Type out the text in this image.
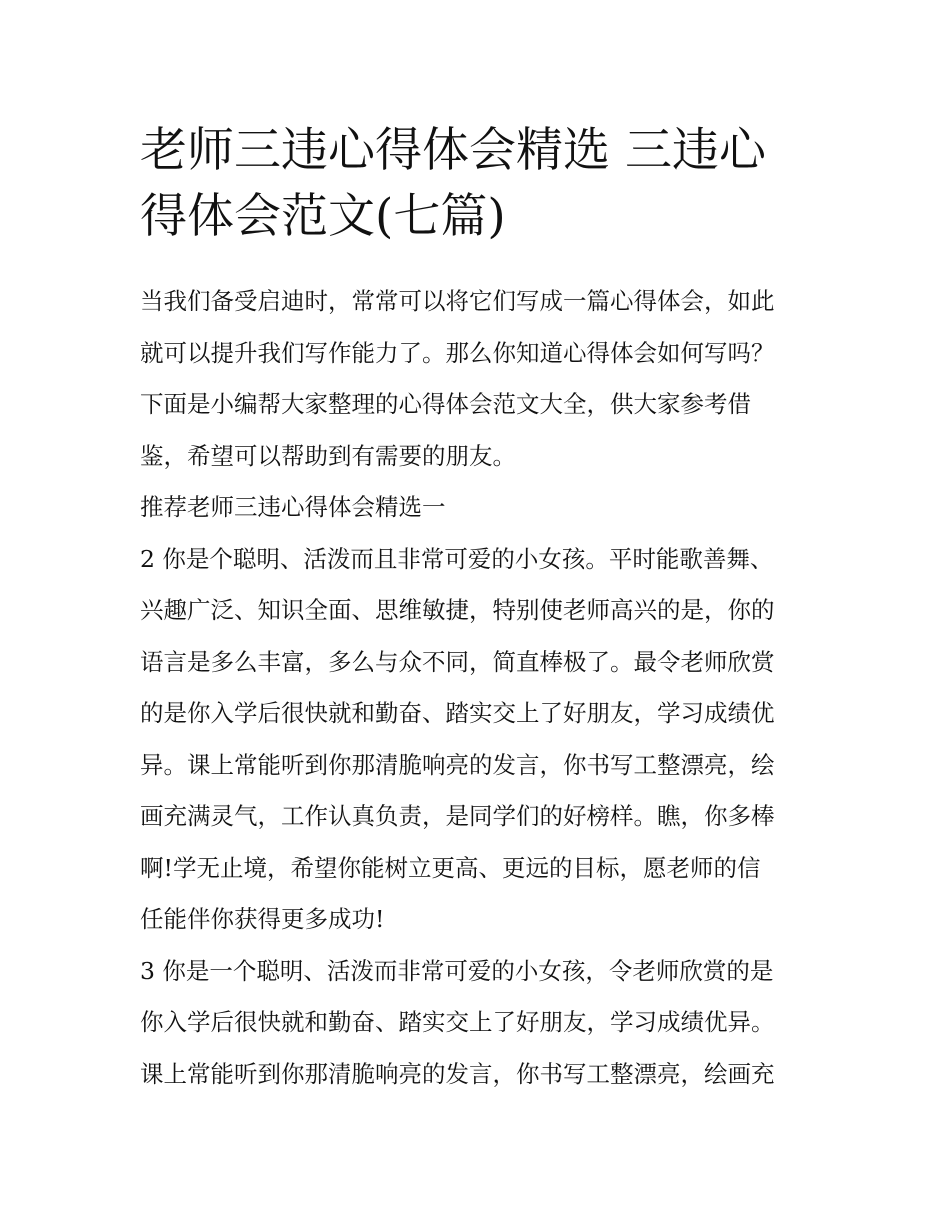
老师三违心得体会精选 三违心
得体会范文(七篇)

当我们备受启迪时，常常可以将它们写成一篇心得体会，如此
就可以提升我们写作能力了。那么你知道心得体会如何写吗？
下面是小编帮大家整理的心得体会范文大全，供大家参考借
鉴，希望可以帮助到有需要的朋友。

推荐老师三违心得体会精选一

2 你是个聪明、活泼而且非常可爱的小女孩。平时能歌善舞、
兴趣广泛、知识全面、思维敏捷，特别使老师高兴的是，你的
语言是多么丰富，多么与众不同，简直棒极了。最令老师欣赏
的是你入学后很快就和勤奋、踏实交上了好朋友，学习成绩优
异。课上常能听到你那清脆响亮的发言，你书写工整漂亮，绘
画充满灵气，工作认真负责，是同学们的好榜样。瞧，你多棒
啊!学无止境，希望你能树立更高、更远的目标，愿老师的信
任能伴你获得更多成功!

3 你是一个聪明、活泼而非常可爱的小女孩，令老师欣赏的是
你入学后很快就和勤奋、踏实交上了好朋友，学习成绩优异。
课上常能听到你那清脆响亮的发言，你书写工整漂亮，绘画充
